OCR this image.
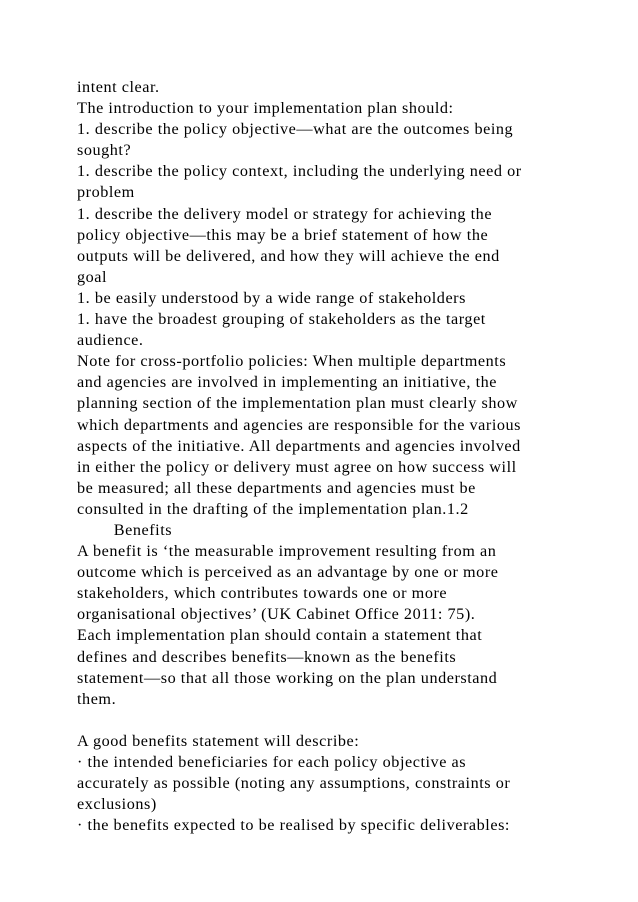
intent clear.
The introduction to your implementation plan should:
1. describe the policy objective—what are the outcomes being
sought?
1. describe the policy context, including the underlying need or
problem
1. describe the delivery model or strategy for achieving the
policy objective—this may be a brief statement of how the
outputs will be delivered, and how they will achieve the end
goal
1. be easily understood by a wide range of stakeholders
1. have the broadest grouping of stakeholders as the target
audience.
Note for cross-portfolio policies: When multiple departments
and agencies are involved in implementing an initiative, the
planning section of the implementation plan must clearly show
which departments and agencies are responsible for the various
aspects of the initiative. All departments and agencies involved
in either the policy or delivery must agree on how success will
be measured; all these departments and agencies must be
consulted in the drafting of the implementation plan.1.2
Benefits
A benefit is ‘the measurable improvement resulting from an
outcome which is perceived as an advantage by one or more
stakeholders, which contributes towards one or more
organisational objectives’ (UK Cabinet Office 2011: 75).
Each implementation plan should contain a statement that
defines and describes benefits—known as the benefits
statement—so that all those working on the plan understand
them.
A good benefits statement will describe:
· the intended beneficiaries for each policy objective as
accurately as possible (noting any assumptions, constraints or
exclusions)
· the benefits expected to be realised by specific deliverables:
